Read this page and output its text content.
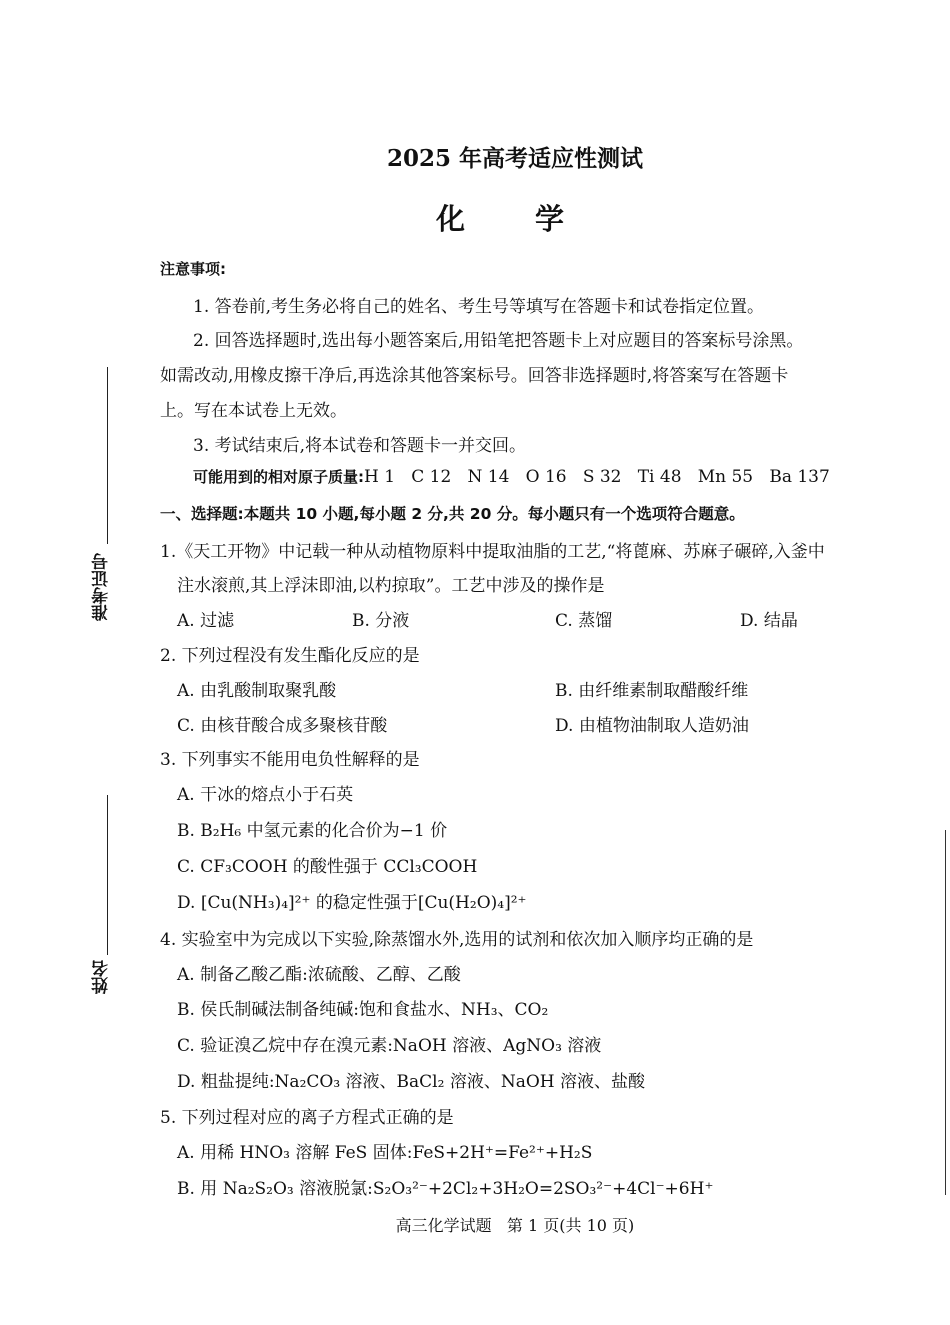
准考证号
姓名
2025 年高考适应性测试
化 学
注意事项:
1. 答卷前,考生务必将自己的姓名、考生号等填写在答题卡和试卷指定位置。
2. 回答选择题时,选出每小题答案后,用铅笔把答题卡上对应题目的答案标号涂黑。
如需改动,用橡皮擦干净后,再选涂其他答案标号。回答非选择题时,将答案写在答题卡
上。写在本试卷上无效。
3. 考试结束后,将本试卷和答题卡一并交回。
可能用到的相对原子质量:H 1   C 12   N 14   O 16   S 32   Ti 48   Mn 55   Ba 137
一、选择题:本题共 10 小题,每小题 2 分,共 20 分。每小题只有一个选项符合题意。
1.《天工开物》中记载一种从动植物原料中提取油脂的工艺,“将蓖麻、苏麻子碾碎,入釜中
注水滚煎,其上浮沫即油,以杓掠取”。工艺中涉及的操作是
A. 过滤	B. 分液	C. 蒸馏	D. 结晶
2. 下列过程没有发生酯化反应的是
A. 由乳酸制取聚乳酸	B. 由纤维素制取醋酸纤维
C. 由核苷酸合成多聚核苷酸	D. 由植物油制取人造奶油
3. 下列事实不能用电负性解释的是
A. 干冰的熔点小于石英
B. B₂H₆ 中氢元素的化合价为−1 价
C. CF₃COOH 的酸性强于 CCl₃COOH
D. [Cu(NH₃)₄]²⁺ 的稳定性强于[Cu(H₂O)₄]²⁺
4. 实验室中为完成以下实验,除蒸馏水外,选用的试剂和依次加入顺序均正确的是
A. 制备乙酸乙酯:浓硫酸、乙醇、乙酸
B. 侯氏制碱法制备纯碱:饱和食盐水、NH₃、CO₂
C. 验证溴乙烷中存在溴元素:NaOH 溶液、AgNO₃ 溶液
D. 粗盐提纯:Na₂CO₃ 溶液、BaCl₂ 溶液、NaOH 溶液、盐酸
5. 下列过程对应的离子方程式正确的是
A. 用稀 HNO₃ 溶解 FeS 固体:FeS+2H⁺=Fe²⁺+H₂S
B. 用 Na₂S₂O₃ 溶液脱氯:S₂O₃²⁻+2Cl₂+3H₂O=2SO₃²⁻+4Cl⁻+6H⁺
高三化学试题   第 1 页(共 10 页)
